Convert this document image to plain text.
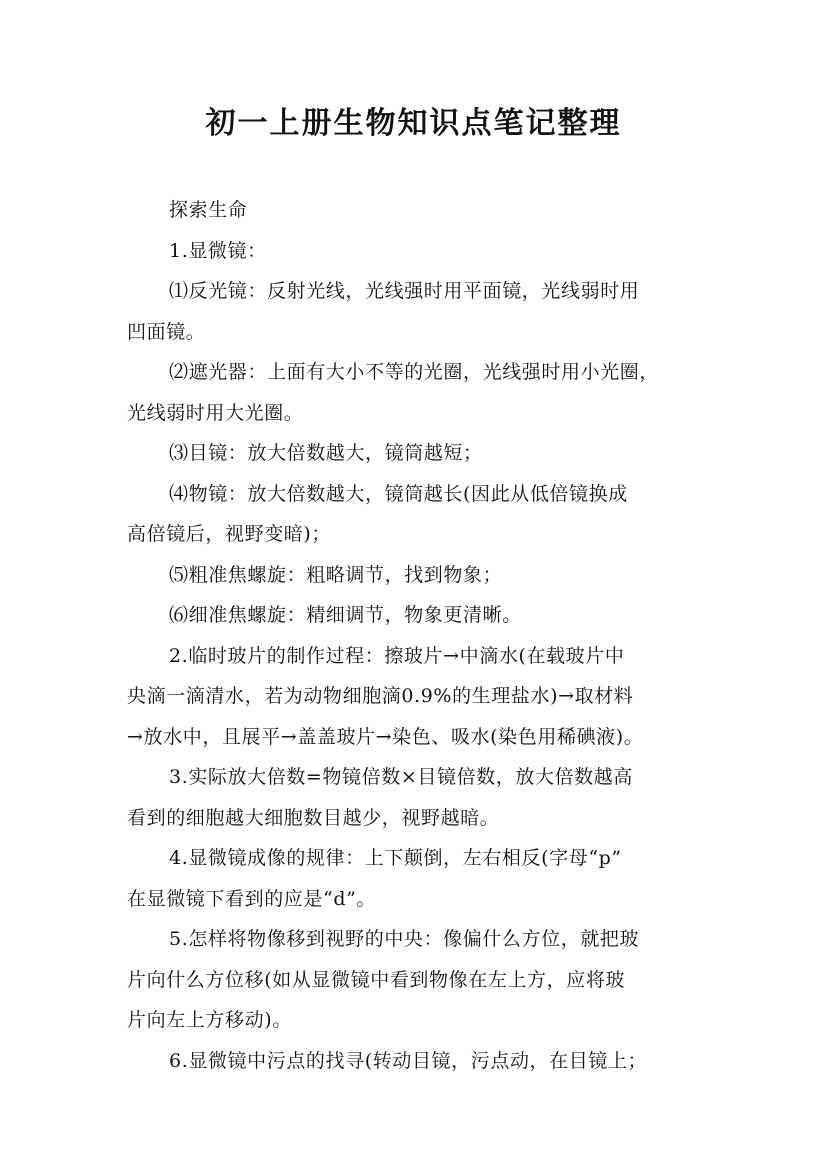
初一上册生物知识点笔记整理
探索生命
1.显微镜：
⑴反光镜：反射光线，光线强时用平面镜，光线弱时用
凹面镜。
⑵遮光器：上面有大小不等的光圈，光线强时用小光圈，
光线弱时用大光圈。
⑶目镜：放大倍数越大，镜筒越短；
⑷物镜：放大倍数越大，镜筒越长(因此从低倍镜换成
高倍镜后，视野变暗)；
⑸粗准焦螺旋：粗略调节，找到物象；
⑹细准焦螺旋：精细调节，物象更清晰。
2.临时玻片的制作过程：擦玻片→中滴水(在载玻片中
央滴一滴清水，若为动物细胞滴0.9%的生理盐水)→取材料
→放水中，且展平→盖盖玻片→染色、吸水(染色用稀碘液)。
3.实际放大倍数=物镜倍数×目镜倍数，放大倍数越高
看到的细胞越大细胞数目越少，视野越暗。
4.显微镜成像的规律：上下颠倒，左右相反(字母“p”
在显微镜下看到的应是“d”。
5.怎样将物像移到视野的中央：像偏什么方位，就把玻
片向什么方位移(如从显微镜中看到物像在左上方，应将玻
片向左上方移动)。
6.显微镜中污点的找寻(转动目镜，污点动，在目镜上；
